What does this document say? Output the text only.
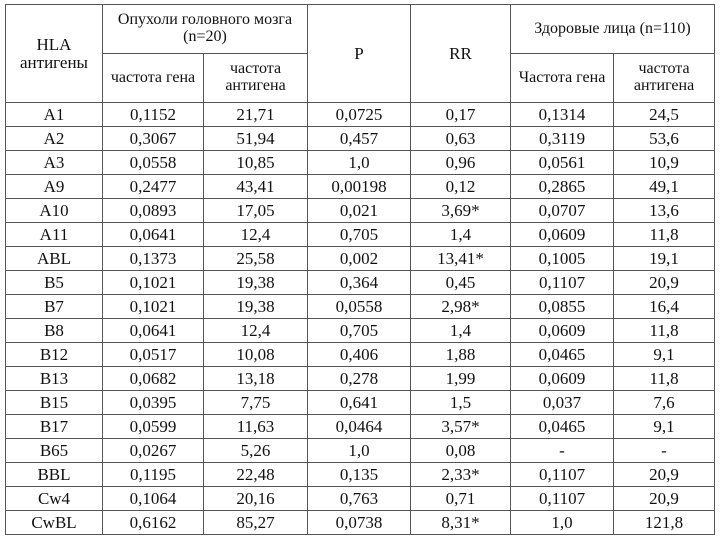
HLA антигены	Опухоли головного мозга (n=20)		P	RR	Здоровые лица (n=110)	
	частота гена	частота антигена			Частота гена	частота антигена
A1	0,1152	21,71	0,0725	0,17	0,1314	24,5
A2	0,3067	51,94	0,457	0,63	0,3119	53,6
A3	0,0558	10,85	1,0	0,96	0,0561	10,9
A9	0,2477	43,41	0,00198	0,12	0,2865	49,1
A10	0,0893	17,05	0,021	3,69*	0,0707	13,6
A11	0,0641	12,4	0,705	1,4	0,0609	11,8
ABL	0,1373	25,58	0,002	13,41*	0,1005	19,1
B5	0,1021	19,38	0,364	0,45	0,1107	20,9
B7	0,1021	19,38	0,0558	2,98*	0,0855	16,4
B8	0,0641	12,4	0,705	1,4	0,0609	11,8
B12	0,0517	10,08	0,406	1,88	0,0465	9,1
B13	0,0682	13,18	0,278	1,99	0,0609	11,8
B15	0,0395	7,75	0,641	1,5	0,037	7,6
B17	0,0599	11,63	0,0464	3,57*	0,0465	9,1
B65	0,0267	5,26	1,0	0,08	-	-
BBL	0,1195	22,48	0,135	2,33*	0,1107	20,9
Cw4	0,1064	20,16	0,763	0,71	0,1107	20,9
CwBL	0,6162	85,27	0,0738	8,31*	1,0	121,8
